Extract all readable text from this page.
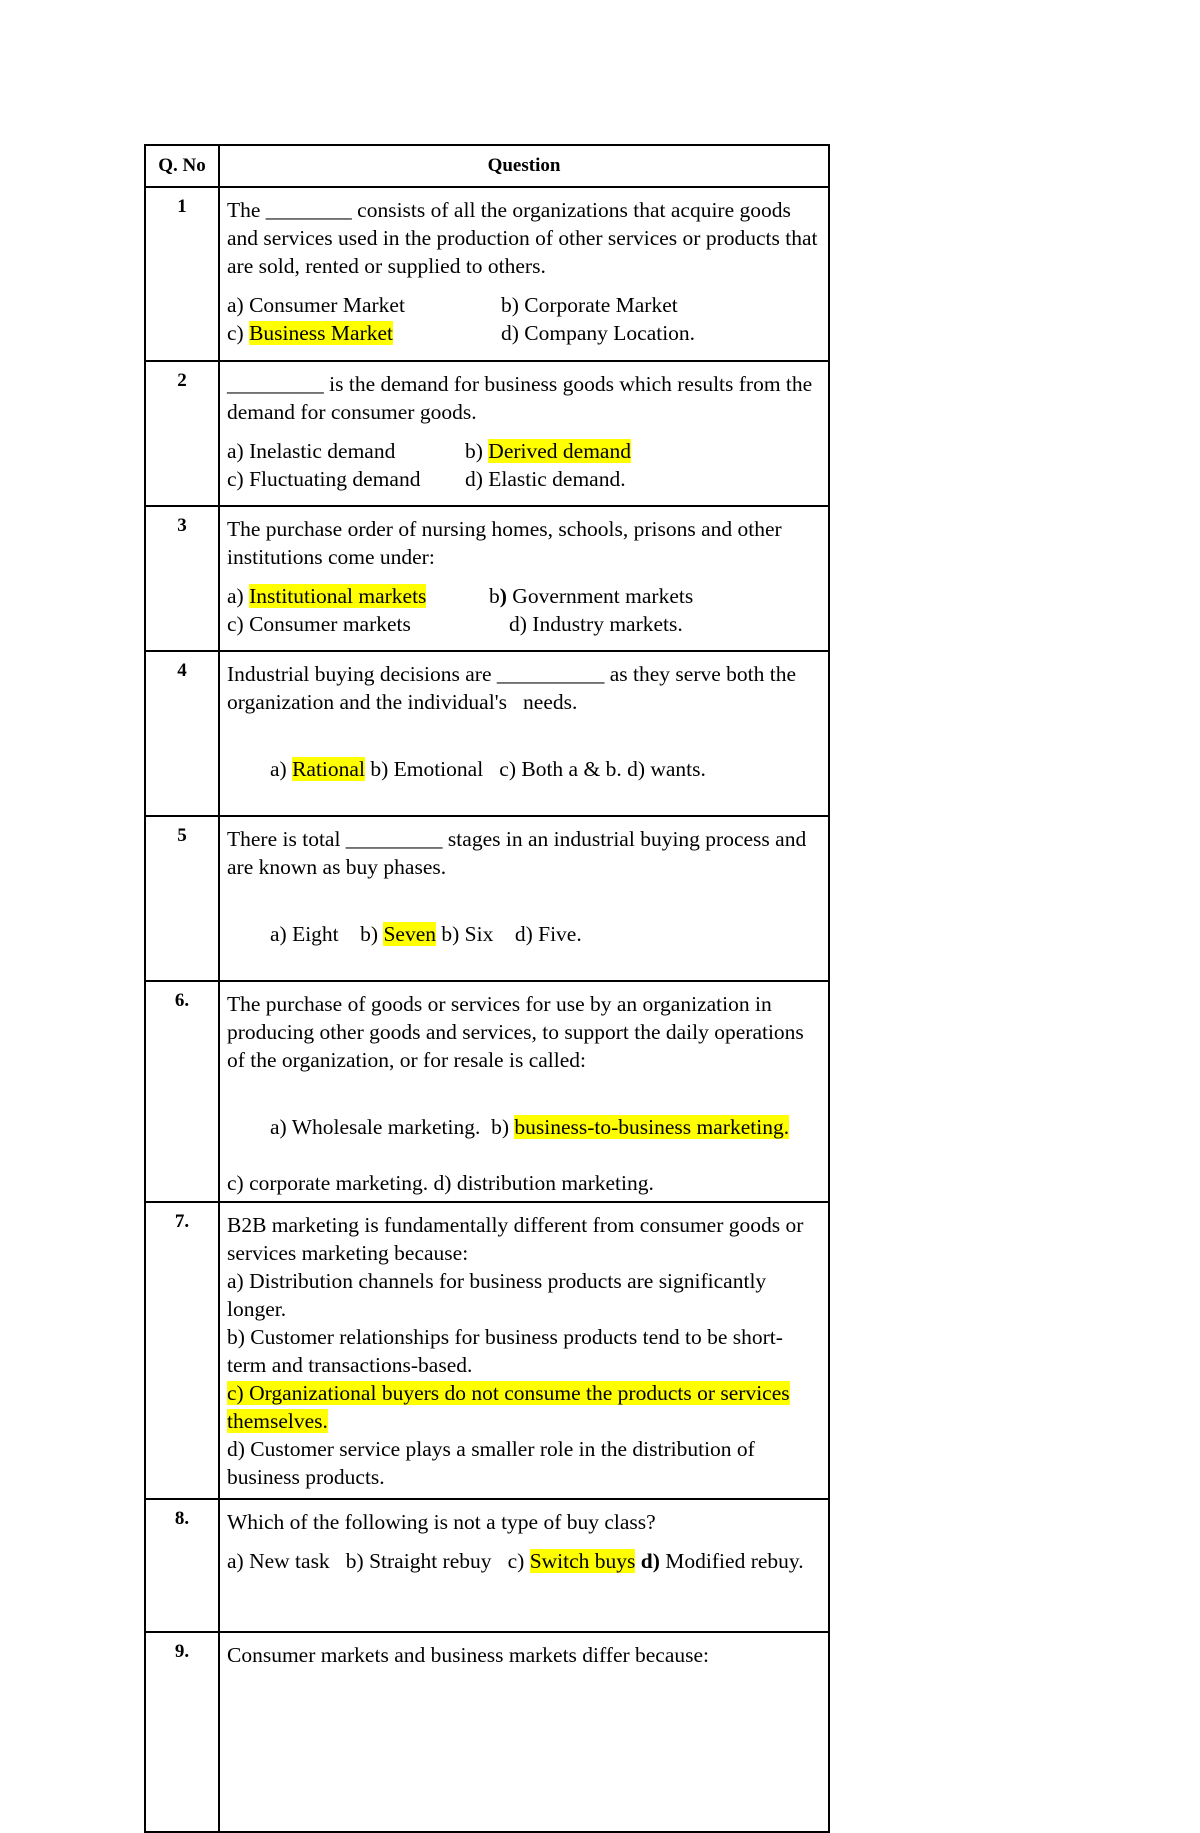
Q. No	Question
1	The ________ consists of all the organizations that acquire goods and services used in the production of other services or products that are sold, rented or supplied to others.

a) Consumer Market b) Corporate Market

c) Business Market d) Company Location.

2	_________ is the demand for business goods which results from the demand for consumer goods.

a) Inelastic demand b) Derived demand

c) Fluctuating demand d) Elastic demand.

3	The purchase order of nursing homes, schools, prisons and other institutions come under:

a) Institutional markets b) Government markets

c) Consumer markets d) Industry markets.

4	Industrial buying decisions are __________ as they serve both the organization and the individual's   needs.

a) Rational b) Emotional   c) Both a & b. d) wants.

5	There is total _________ stages in an industrial buying process and are known as buy phases.

a) Eight    b) Seven b) Six    d) Five.

6.	The purchase of goods or services for use by an organization in producing other goods and services, to support the daily operations of the organization, or for resale is called:

a) Wholesale marketing.  b) business-to-business marketing.

c) corporate marketing. d) distribution marketing.

7.	B2B marketing is fundamentally different from consumer goods or services marketing because:

a) Distribution channels for business products are significantly longer.

b) Customer relationships for business products tend to be short-term and transactions-based.

c) Organizational buyers do not consume the products or services themselves.

d) Customer service plays a smaller role in the distribution of business products.

8.	Which of the following is not a type of buy class?

a) New task   b) Straight rebuy   c) Switch buys d) Modified rebuy.

9.	Consumer markets and business markets differ because:
